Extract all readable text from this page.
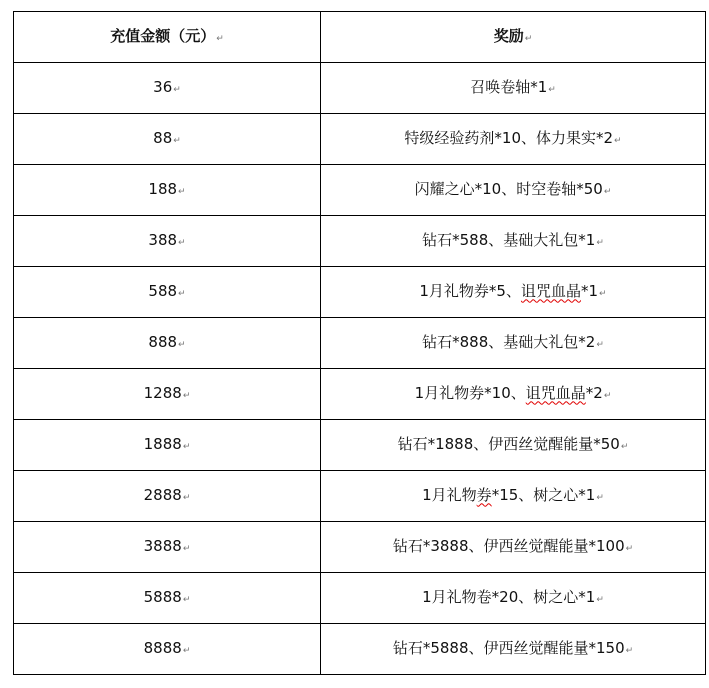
充值金额（元）↵	奖励↵
36↵	召唤卷轴*1↵
88↵	特级经验药剂*10、体力果实*2↵
188↵	闪耀之心*10、时空卷轴*50↵
388↵	钻石*588、基础大礼包*1↵
588↵	1月礼物券*5、诅咒血晶*1↵
888↵	钻石*888、基础大礼包*2↵
1288↵	1月礼物券*10、诅咒血晶*2↵
1888↵	钻石*1888、伊西丝觉醒能量*50↵
2888↵	1月礼物券*15、树之心*1↵
3888↵	钻石*3888、伊西丝觉醒能量*100↵
5888↵	1月礼物卷*20、树之心*1↵
8888↵	钻石*5888、伊西丝觉醒能量*150↵
